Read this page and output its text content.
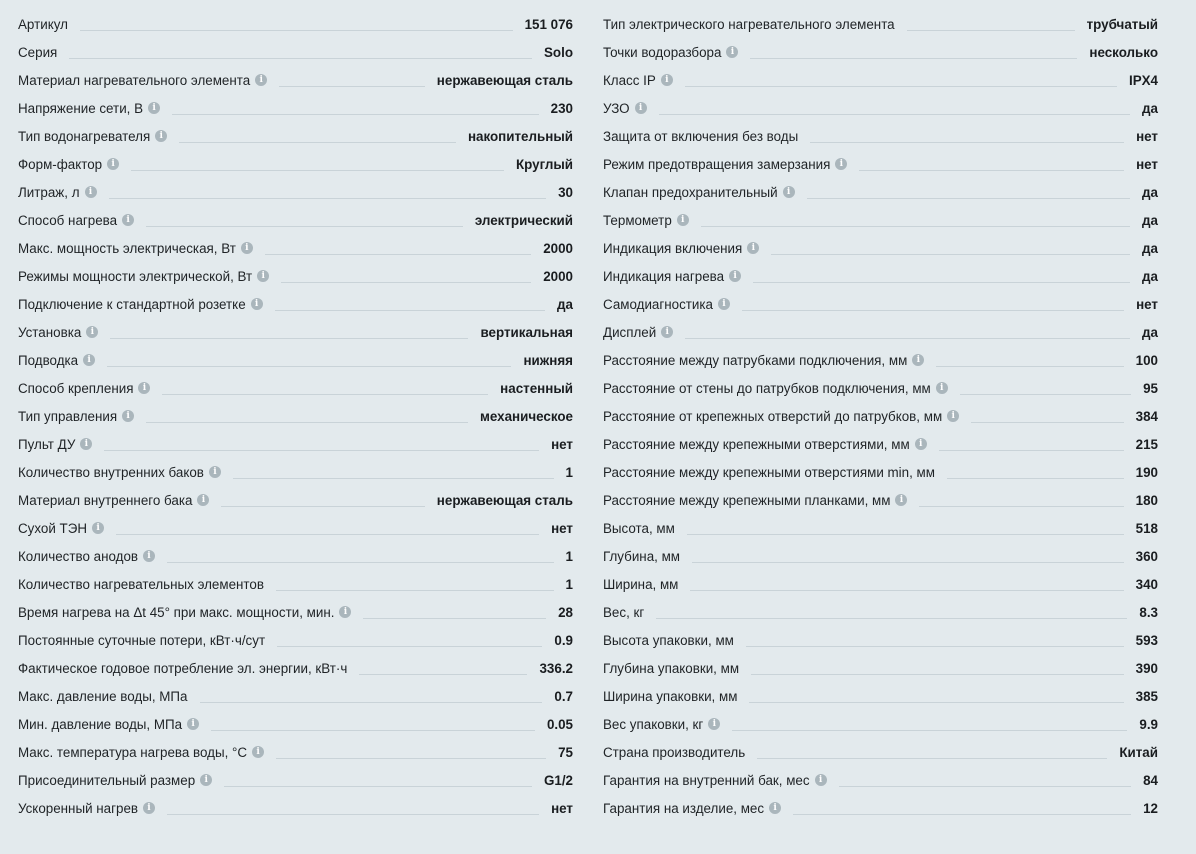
Артикул	151 076
Серия	Solo
Материал нагревательного элемента	i	нержавеющая сталь
Напряжение сети, В	i	230
Тип водонагревателя	i	накопительный
Форм-фактор	i	Круглый
Литраж, л	i	30
Способ нагрева	i	электрический
Макс. мощность электрическая, Вт	i	2000
Режимы мощности электрической, Вт	i	2000
Подключение к стандартной розетке	i	да
Установка	i	вертикальная
Подводка	i	нижняя
Способ крепления	i	настенный
Тип управления	i	механическое
Пульт ДУ	i	нет
Количество внутренних баков	i	1
Материал внутреннего бака	i	нержавеющая сталь
Сухой ТЭН	i	нет
Количество анодов	i	1
Количество нагревательных элементов	1
Время нагрева на Δt 45° при макс. мощности, мин.	i	28
Постоянные суточные потери, кВт·ч/сут	0.9
Фактическое годовое потребление эл. энергии, кВт·ч	336.2
Макс. давление воды, МПа	0.7
Мин. давление воды, МПа	i	0.05
Макс. температура нагрева воды, °С	i	75
Присоединительный размер	i	G1/2
Ускоренный нагрев	i	нет
Тип электрического нагревательного элемента	трубчатый
Точки водоразбора	i	несколько
Класс IP	i	IPX4
УЗО	i	да
Защита от включения без воды	нет
Режим предотвращения замерзания	i	нет
Клапан предохранительный	i	да
Термометр	i	да
Индикация включения	i	да
Индикация нагрева	i	да
Самодиагностика	i	нет
Дисплей	i	да
Расстояние между патрубками подключения, мм	i	100
Расстояние от стены до патрубков подключения, мм	i	95
Расстояние от крепежных отверстий до патрубков, мм	i	384
Расстояние между крепежными отверстиями, мм	i	215
Расстояние между крепежными отверстиями min, мм	190
Расстояние между крепежными планками, мм	i	180
Высота, мм	518
Глубина, мм	360
Ширина, мм	340
Вес, кг	8.3
Высота упаковки, мм	593
Глубина упаковки, мм	390
Ширина упаковки, мм	385
Вес упаковки, кг	i	9.9
Страна производитель	Китай
Гарантия на внутренний бак, мес	i	84
Гарантия на изделие, мес	i	12
